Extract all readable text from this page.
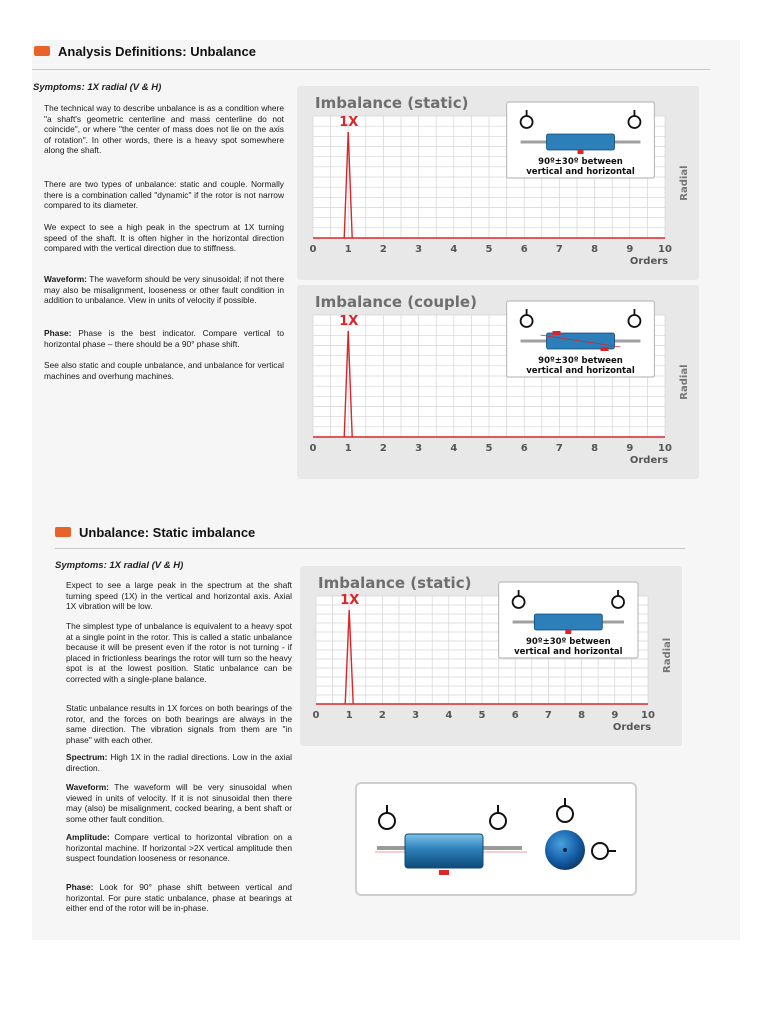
Analysis Definitions: Unbalance
Symptoms: 1X radial (V & H)
The technical way to describe unbalance is as a condition where "a shaft's geometric centerline and mass centerline do not coincide", or where "the center of mass does not lie on the axis of rotation". In other words, there is a heavy spot somewhere along the shaft.
There are two types of unbalance: static and couple. Normally there is a combination called "dynamic" if the rotor is not narrow compared to its diameter.
We expect to see a high peak in the spectrum at 1X turning speed of the shaft. It is often higher in the horizontal direction compared with the vertical direction due to stiffness.
Waveform: The waveform should be very sinusoidal; if not there may also be misalignment, looseness or other fault condition in addition to unbalance. View in units of velocity if possible.
Phase: Phase is the best indicator. Compare vertical to horizontal phase – there should be a 90° phase shift.
See also static and couple unbalance, and unbalance for vertical machines and overhung machines.
Imbalance (static)
1X
0	1	2	3	4	5	6	7	8	9 10
Orders
Radial
90º±30º between
vertical and horizontal
Imbalance (couple)
1X
0	1	2	3	4	5	6	7	8	9 10
Orders
Radial
90º±30º between
vertical and horizontal
Unbalance: Static imbalance
Symptoms: 1X radial (V & H)
Expect to see a large peak in the spectrum at the shaft turning speed (1X) in the vertical and horizontal axis. Axial 1X vibration will be low.
The simplest type of unbalance is equivalent to a heavy spot at a single point in the rotor. This is called a static unbalance because it will be present even if the rotor is not turning - if placed in frictionless bearings the rotor will turn so the heavy spot is at the lowest position. Static unbalance can be corrected with a single-plane balance.
Static unbalance results in 1X forces on both bearings of the rotor, and the forces on both bearings are always in the same direction. The vibration signals from them are "in phase" with each other.
Spectrum: High 1X in the radial directions. Low in the axial direction.
Waveform: The waveform will be very sinusoidal when viewed in units of velocity. If it is not sinusoidal then there may (also) be misalignment, cocked bearing, a bent shaft or some other fault condition.
Amplitude: Compare vertical to horizontal vibration on a horizontal machine. If horizontal >2X vertical amplitude then suspect foundation looseness or resonance.
Phase: Look for 90° phase shift between vertical and horizontal. For pure static unbalance, phase at bearings at either end of the rotor will be in-phase.
Imbalance (static)
1X
0	1	2	3	4	5	6	7	8	9 10
Orders
Radial
90º±30º between
vertical and horizontal
